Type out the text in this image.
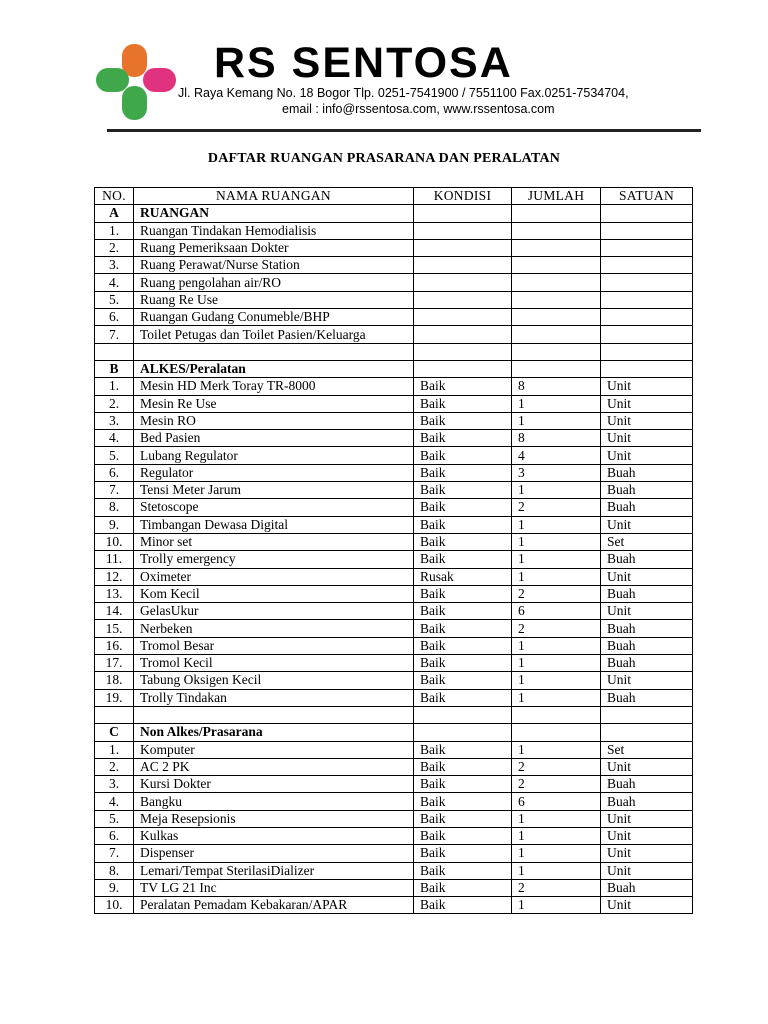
RS SENTOSA
Jl. Raya Kemang No. 18 Bogor Tlp. 0251-7541900 / 7551100 Fax.0251-7534704,
email : info@rssentosa.com, www.rssentosa.com
DAFTAR RUANGAN PRASARANA DAN PERALATAN
NO.	NAMA RUANGAN	KONDISI	JUMLAH	SATUAN
A	RUANGAN			
1.	Ruangan Tindakan Hemodialisis			
2.	Ruang Pemeriksaan Dokter			
3.	Ruang Perawat/Nurse Station			
4.	Ruang pengolahan air/RO			
5.	Ruang Re Use			
6.	Ruangan Gudang Conumeble/BHP			
7.	Toilet Petugas dan Toilet Pasien/Keluarga			

B	ALKES/Peralatan			
1.	Mesin HD Merk Toray TR-8000	Baik	8	Unit
2.	Mesin Re Use	Baik	1	Unit
3.	Mesin RO	Baik	1	Unit
4.	Bed Pasien	Baik	8	Unit
5.	Lubang Regulator	Baik	4	Unit
6.	Regulator	Baik	3	Buah
7.	Tensi Meter Jarum	Baik	1	Buah
8.	Stetoscope	Baik	2	Buah
9.	Timbangan Dewasa Digital	Baik	1	Unit
10.	Minor set	Baik	1	Set
11.	Trolly emergency	Baik	1	Buah
12.	Oximeter	Rusak	1	Unit
13.	Kom Kecil	Baik	2	Buah
14.	GelasUkur	Baik	6	Unit
15.	Nerbeken	Baik	2	Buah
16.	Tromol Besar	Baik	1	Buah
17.	Tromol Kecil	Baik	1	Buah
18.	Tabung Oksigen Kecil	Baik	1	Unit
19.	Trolly Tindakan	Baik	1	Buah

C	Non Alkes/Prasarana			
1.	Komputer	Baik	1	Set
2.	AC 2 PK	Baik	2	Unit
3.	Kursi Dokter	Baik	2	Buah
4.	Bangku	Baik	6	Buah
5.	Meja Resepsionis	Baik	1	Unit
6.	Kulkas	Baik	1	Unit
7.	Dispenser	Baik	1	Unit
8.	Lemari/Tempat SterilasiDializer	Baik	1	Unit
9.	TV LG 21 Inc	Baik	2	Buah
10.	Peralatan Pemadam Kebakaran/APAR	Baik	1	Unit
